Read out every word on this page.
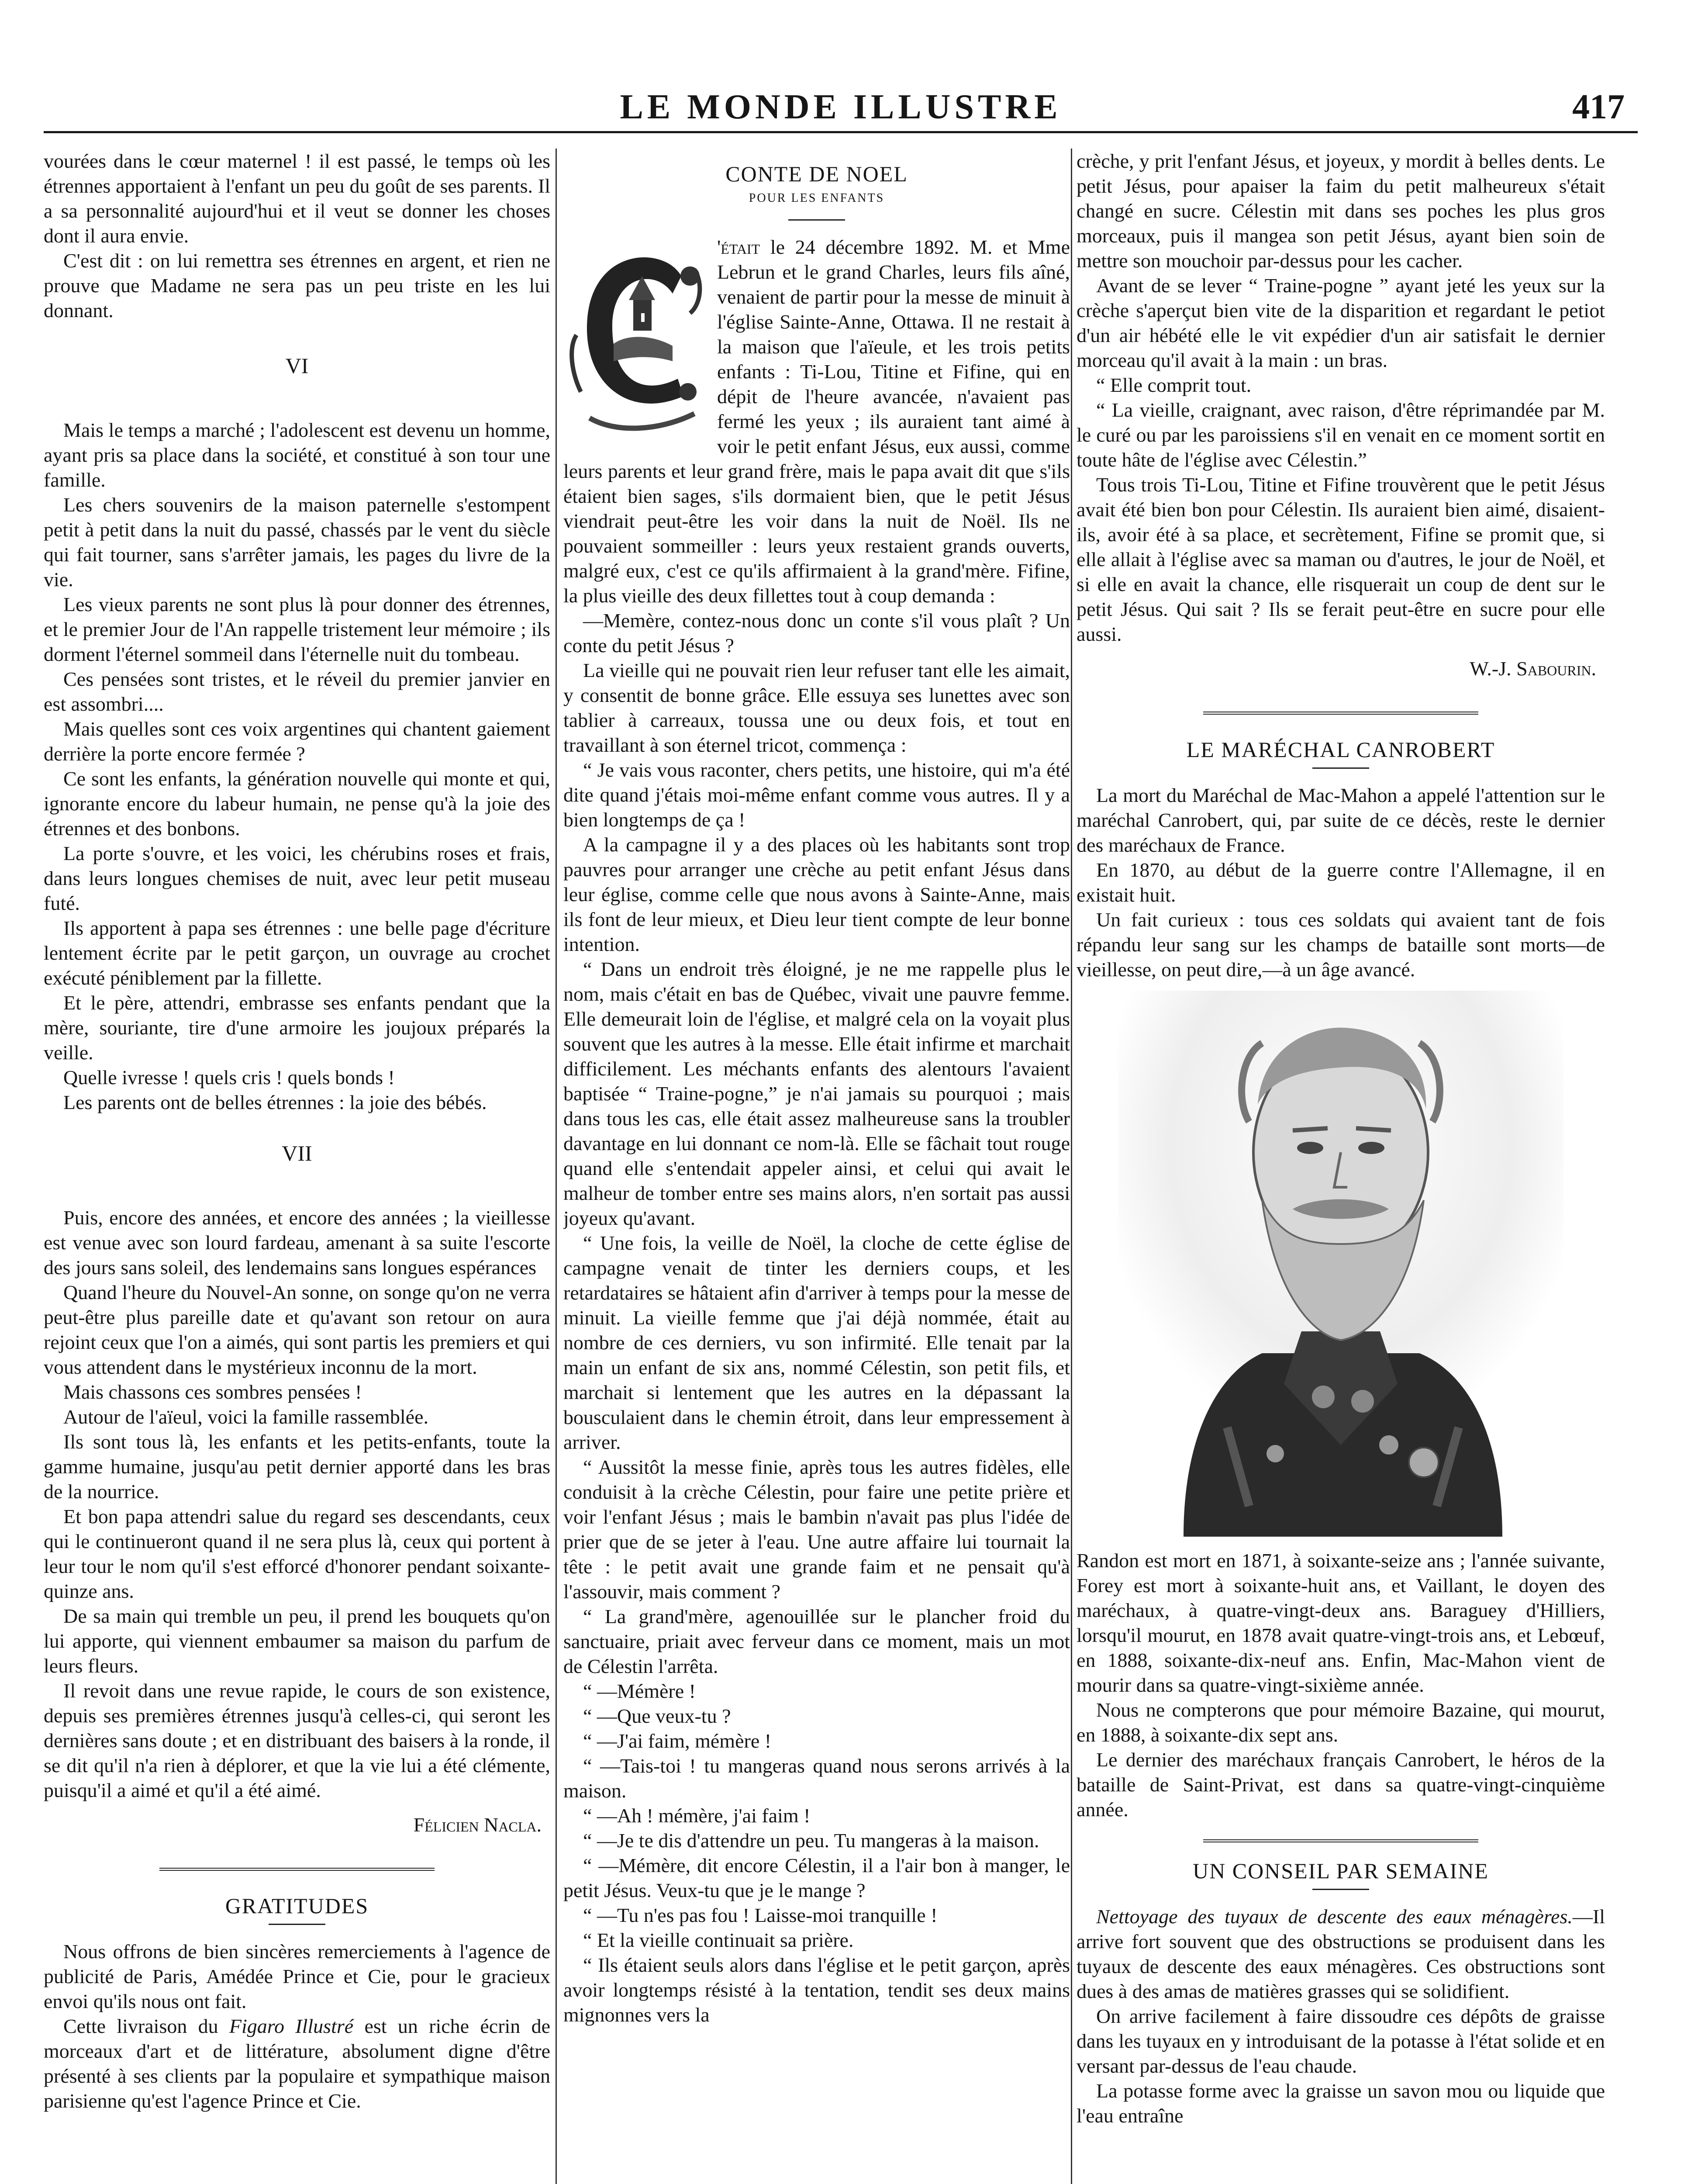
LE MONDE ILLUSTRE	417

vourées dans le cœur maternel ! il est passé, le temps où les étrennes apportaient à l'enfant un peu du goût de ses parents. Il a sa personnalité aujourd'hui et il veut se donner les choses dont il aura envie.

C'est dit : on lui remettra ses étrennes en argent, et rien ne prouve que Madame ne sera pas un peu triste en les lui donnant.

VI

Mais le temps a marché ; l'adolescent est devenu un homme, ayant pris sa place dans la société, et constitué à son tour une famille.

Les chers souvenirs de la maison paternelle s'estompent petit à petit dans la nuit du passé, chassés par le vent du siècle qui fait tourner, sans s'arrêter jamais, les pages du livre de la vie.

Les vieux parents ne sont plus là pour donner des étrennes, et le premier Jour de l'An rappelle tristement leur mémoire ; ils dorment l'éternel sommeil dans l'éternelle nuit du tombeau.

Ces pensées sont tristes, et le réveil du premier janvier en est assombri....

Mais quelles sont ces voix argentines qui chantent gaiement derrière la porte encore fermée ?

Ce sont les enfants, la génération nouvelle qui monte et qui, ignorante encore du labeur humain, ne pense qu'à la joie des étrennes et des bonbons.

La porte s'ouvre, et les voici, les chérubins roses et frais, dans leurs longues chemises de nuit, avec leur petit museau futé.

Ils apportent à papa ses étrennes : une belle page d'écriture lentement écrite par le petit garçon, un ouvrage au crochet exécuté péniblement par la fillette.

Et le père, attendri, embrasse ses enfants pendant que la mère, souriante, tire d'une armoire les joujoux préparés la veille.

Quelle ivresse ! quels cris ! quels bonds !

Les parents ont de belles étrennes : la joie des bébés.

VII

Puis, encore des années, et encore des années ; la vieillesse est venue avec son lourd fardeau, amenant à sa suite l'escorte des jours sans soleil, des lendemains sans longues espérances

Quand l'heure du Nouvel-An sonne, on songe qu'on ne verra peut-être plus pareille date et qu'avant son retour on aura rejoint ceux que l'on a aimés, qui sont partis les premiers et qui vous attendent dans le mystérieux inconnu de la mort.

Mais chassons ces sombres pensées !

Autour de l'aïeul, voici la famille rassemblée.

Ils sont tous là, les enfants et les petits-enfants, toute la gamme humaine, jusqu'au petit dernier apporté dans les bras de la nourrice.

Et bon papa attendri salue du regard ses descendants, ceux qui le continueront quand il ne sera plus là, ceux qui portent à leur tour le nom qu'il s'est efforcé d'honorer pendant soixante-quinze ans.

De sa main qui tremble un peu, il prend les bouquets qu'on lui apporte, qui viennent embaumer sa maison du parfum de leurs fleurs.

Il revoit dans une revue rapide, le cours de son existence, depuis ses premières étrennes jusqu'à celles-ci, qui seront les dernières sans doute ; et en distribuant des baisers à la ronde, il se dit qu'il n'a rien à déplorer, et que la vie lui a été clémente, puisqu'il a aimé et qu'il a été aimé.

Félicien Nacla.

GRATITUDES

Nous offrons de bien sincères remerciements à l'agence de publicité de Paris, Amédée Prince et Cie, pour le gracieux envoi qu'ils nous ont fait.

Cette livraison du Figaro Illustré est un riche écrin de morceaux d'art et de littérature, absolument digne d'être présenté à ses clients par la populaire et sympathique maison parisienne qu'est l'agence Prince et Cie.

CONTE DE NOEL
POUR LES ENFANTS

'était le 24 décembre 1892. M. et Mme Lebrun et le grand Charles, leurs fils aîné, venaient de partir pour la messe de minuit à l'église Sainte-Anne, Ottawa. Il ne restait à la maison que l'aïeule, et les trois petits enfants : Ti-Lou, Titine et Fifine, qui en dépit de l'heure avancée, n'avaient pas fermé les yeux ; ils auraient tant aimé à voir le petit enfant Jésus, eux aussi, comme leurs parents et leur grand frère, mais le papa avait dit que s'ils étaient bien sages, s'ils dormaient bien, que le petit Jésus viendrait peut-être les voir dans la nuit de Noël. Ils ne pouvaient sommeiller : leurs yeux restaient grands ouverts, malgré eux, c'est ce qu'ils affirmaient à la grand'mère. Fifine, la plus vieille des deux fillettes tout à coup demanda :

—Memère, contez-nous donc un conte s'il vous plaît ? Un conte du petit Jésus ?

La vieille qui ne pouvait rien leur refuser tant elle les aimait, y consentit de bonne grâce. Elle essuya ses lunettes avec son tablier à carreaux, toussa une ou deux fois, et tout en travaillant à son éternel tricot, commença :

“ Je vais vous raconter, chers petits, une histoire, qui m'a été dite quand j'étais moi-même enfant comme vous autres. Il y a bien longtemps de ça !

A la campagne il y a des places où les habitants sont trop pauvres pour arranger une crèche au petit enfant Jésus dans leur église, comme celle que nous avons à Sainte-Anne, mais ils font de leur mieux, et Dieu leur tient compte de leur bonne intention.

“ Dans un endroit très éloigné, je ne me rappelle plus le nom, mais c'était en bas de Québec, vivait une pauvre femme. Elle demeurait loin de l'église, et malgré cela on la voyait plus souvent que les autres à la messe. Elle était infirme et marchait difficilement. Les méchants enfants des alentours l'avaient baptisée “ Traine-pogne,” je n'ai jamais su pourquoi ; mais dans tous les cas, elle était assez malheureuse sans la troubler davantage en lui donnant ce nom-là. Elle se fâchait tout rouge quand elle s'entendait appeler ainsi, et celui qui avait le malheur de tomber entre ses mains alors, n'en sortait pas aussi joyeux qu'avant.

“ Une fois, la veille de Noël, la cloche de cette église de campagne venait de tinter les derniers coups, et les retardataires se hâtaient afin d'arriver à temps pour la messe de minuit. La vieille femme que j'ai déjà nommée, était au nombre de ces derniers, vu son infirmité. Elle tenait par la main un enfant de six ans, nommé Célestin, son petit fils, et marchait si lentement que les autres en la dépassant la bousculaient dans le chemin étroit, dans leur empressement à arriver.

“ Aussitôt la messe finie, après tous les autres fidèles, elle conduisit à la crèche Célestin, pour faire une petite prière et voir l'enfant Jésus ; mais le bambin n'avait pas plus l'idée de prier que de se jeter à l'eau. Une autre affaire lui tournait la tête : le petit avait une grande faim et ne pensait qu'à l'assouvir, mais comment ?

“ La grand'mère, agenouillée sur le plancher froid du sanctuaire, priait avec ferveur dans ce moment, mais un mot de Célestin l'arrêta.

“ —Mémère !

“ —Que veux-tu ?

“ —J'ai faim, mémère !

“ —Tais-toi ! tu mangeras quand nous serons arrivés à la maison.

“ —Ah ! mémère, j'ai faim !

“ —Je te dis d'attendre un peu. Tu mangeras à la maison.

“ —Mémère, dit encore Célestin, il a l'air bon à manger, le petit Jésus. Veux-tu que je le mange ?

“ —Tu n'es pas fou ! Laisse-moi tranquille !

“ Et la vieille continuait sa prière.

“ Ils étaient seuls alors dans l'église et le petit garçon, après avoir longtemps résisté à la tentation, tendit ses deux mains mignonnes vers la

crèche, y prit l'enfant Jésus, et joyeux, y mordit à belles dents. Le petit Jésus, pour apaiser la faim du petit malheureux s'était changé en sucre. Célestin mit dans ses poches les plus gros morceaux, puis il mangea son petit Jésus, ayant bien soin de mettre son mouchoir par-dessus pour les cacher.

Avant de se lever “ Traine-pogne ” ayant jeté les yeux sur la crèche s'aperçut bien vite de la disparition et regardant le petiot d'un air hébété elle le vit expédier d'un air satisfait le dernier morceau qu'il avait à la main : un bras.

“ Elle comprit tout.

“ La vieille, craignant, avec raison, d'être réprimandée par M. le curé ou par les paroissiens s'il en venait en ce moment sortit en toute hâte de l'église avec Célestin.”

Tous trois Ti-Lou, Titine et Fifine trouvèrent que le petit Jésus avait été bien bon pour Célestin. Ils auraient bien aimé, disaient-ils, avoir été à sa place, et secrètement, Fifine se promit que, si elle allait à l'église avec sa maman ou d'autres, le jour de Noël, et si elle en avait la chance, elle risquerait un coup de dent sur le petit Jésus. Qui sait ? Ils se ferait peut-être en sucre pour elle aussi.

W.-J. Sabourin.

LE MARÉCHAL CANROBERT

La mort du Maréchal de Mac-Mahon a appelé l'attention sur le maréchal Canrobert, qui, par suite de ce décès, reste le dernier des maréchaux de France.

En 1870, au début de la guerre contre l'Allemagne, il en existait huit.

Un fait curieux : tous ces soldats qui avaient tant de fois répandu leur sang sur les champs de bataille sont morts—de vieillesse, on peut dire,—à un âge avancé.

Randon est mort en 1871, à soixante-seize ans ; l'année suivante, Forey est mort à soixante-huit ans, et Vaillant, le doyen des maréchaux, à quatre-vingt-deux ans. Baraguey d'Hilliers, lorsqu'il mourut, en 1878 avait quatre-vingt-trois ans, et Lebœuf, en 1888, soixante-dix-neuf ans. Enfin, Mac-Mahon vient de mourir dans sa quatre-vingt-sixième année.

Nous ne compterons que pour mémoire Bazaine, qui mourut, en 1888, à soixante-dix sept ans.

Le dernier des maréchaux français Canrobert, le héros de la bataille de Saint-Privat, est dans sa quatre-vingt-cinquième année.

UN CONSEIL PAR SEMAINE

Nettoyage des tuyaux de descente des eaux ménagères.—Il arrive fort souvent que des obstructions se produisent dans les tuyaux de descente des eaux ménagères. Ces obstructions sont dues à des amas de matières grasses qui se solidifient.

On arrive facilement à faire dissoudre ces dépôts de graisse dans les tuyaux en y introduisant de la potasse à l'état solide et en versant par-dessus de l'eau chaude.

La potasse forme avec la graisse un savon mou ou liquide que l'eau entraîne
